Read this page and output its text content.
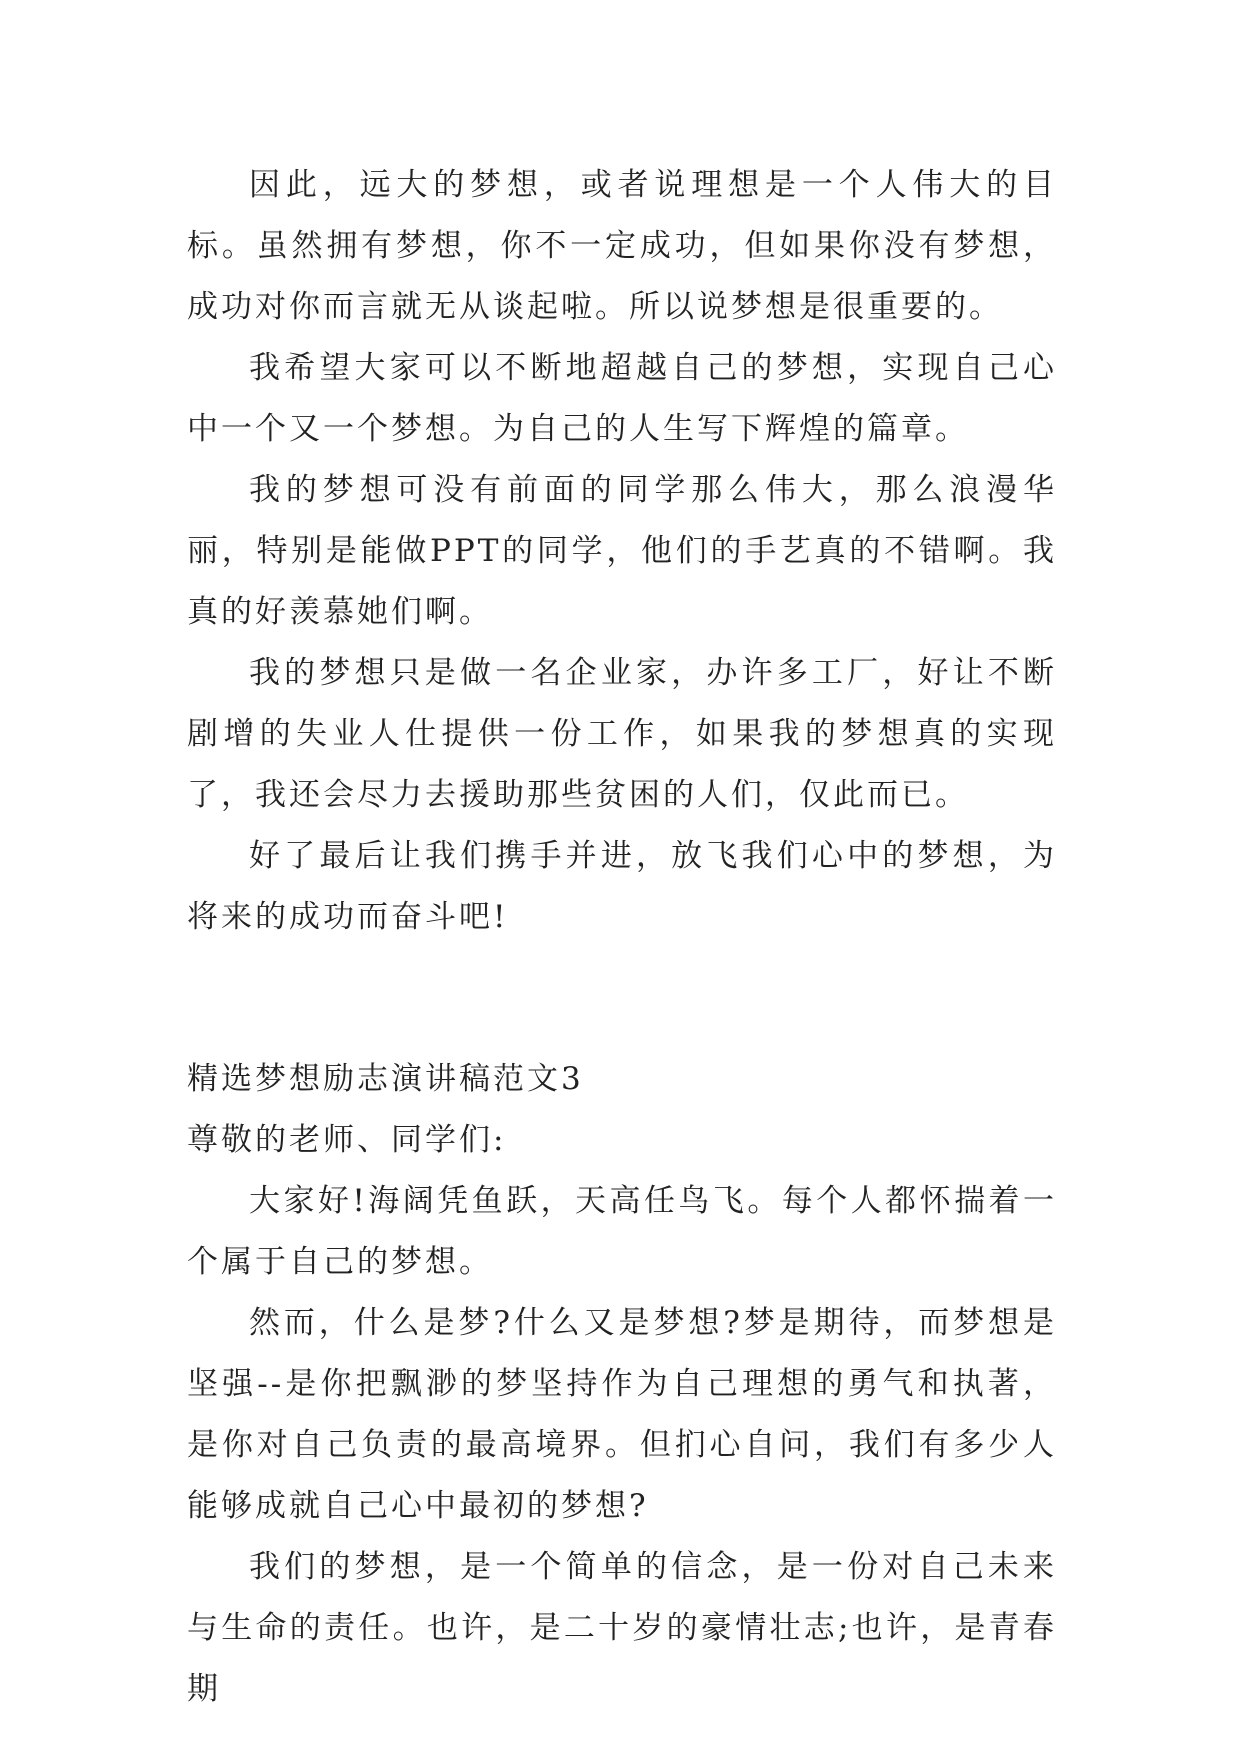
因此，远大的梦想，或者说理想是一个人伟大的目标。虽然拥有梦想，你不一定成功，但如果你没有梦想，成功对你而言就无从谈起啦。所以说梦想是很重要的。

我希望大家可以不断地超越自己的梦想，实现自己心中一个又一个梦想。为自己的人生写下辉煌的篇章。

我的梦想可没有前面的同学那么伟大，那么浪漫华丽，特别是能做PPT的同学，他们的手艺真的不错啊。我真的好羡慕她们啊。

我的梦想只是做一名企业家，办许多工厂，好让不断剧增的失业人仕提供一份工作，如果我的梦想真的实现了，我还会尽力去援助那些贫困的人们，仅此而已。

好了最后让我们携手并进，放飞我们心中的梦想，为将来的成功而奋斗吧!

精选梦想励志演讲稿范文3

尊敬的老师、同学们:

大家好!海阔凭鱼跃，天高任鸟飞。每个人都怀揣着一个属于自己的梦想。

然而，什么是梦?什么又是梦想?梦是期待，而梦想是坚强--是你把飘渺的梦坚持作为自己理想的勇气和执著，是你对自己负责的最高境界。但扪心自问，我们有多少人能够成就自己心中最初的梦想?

我们的梦想，是一个简单的信念，是一份对自己未来与生命的责任。也许，是二十岁的豪情壮志;也许，是青春期
